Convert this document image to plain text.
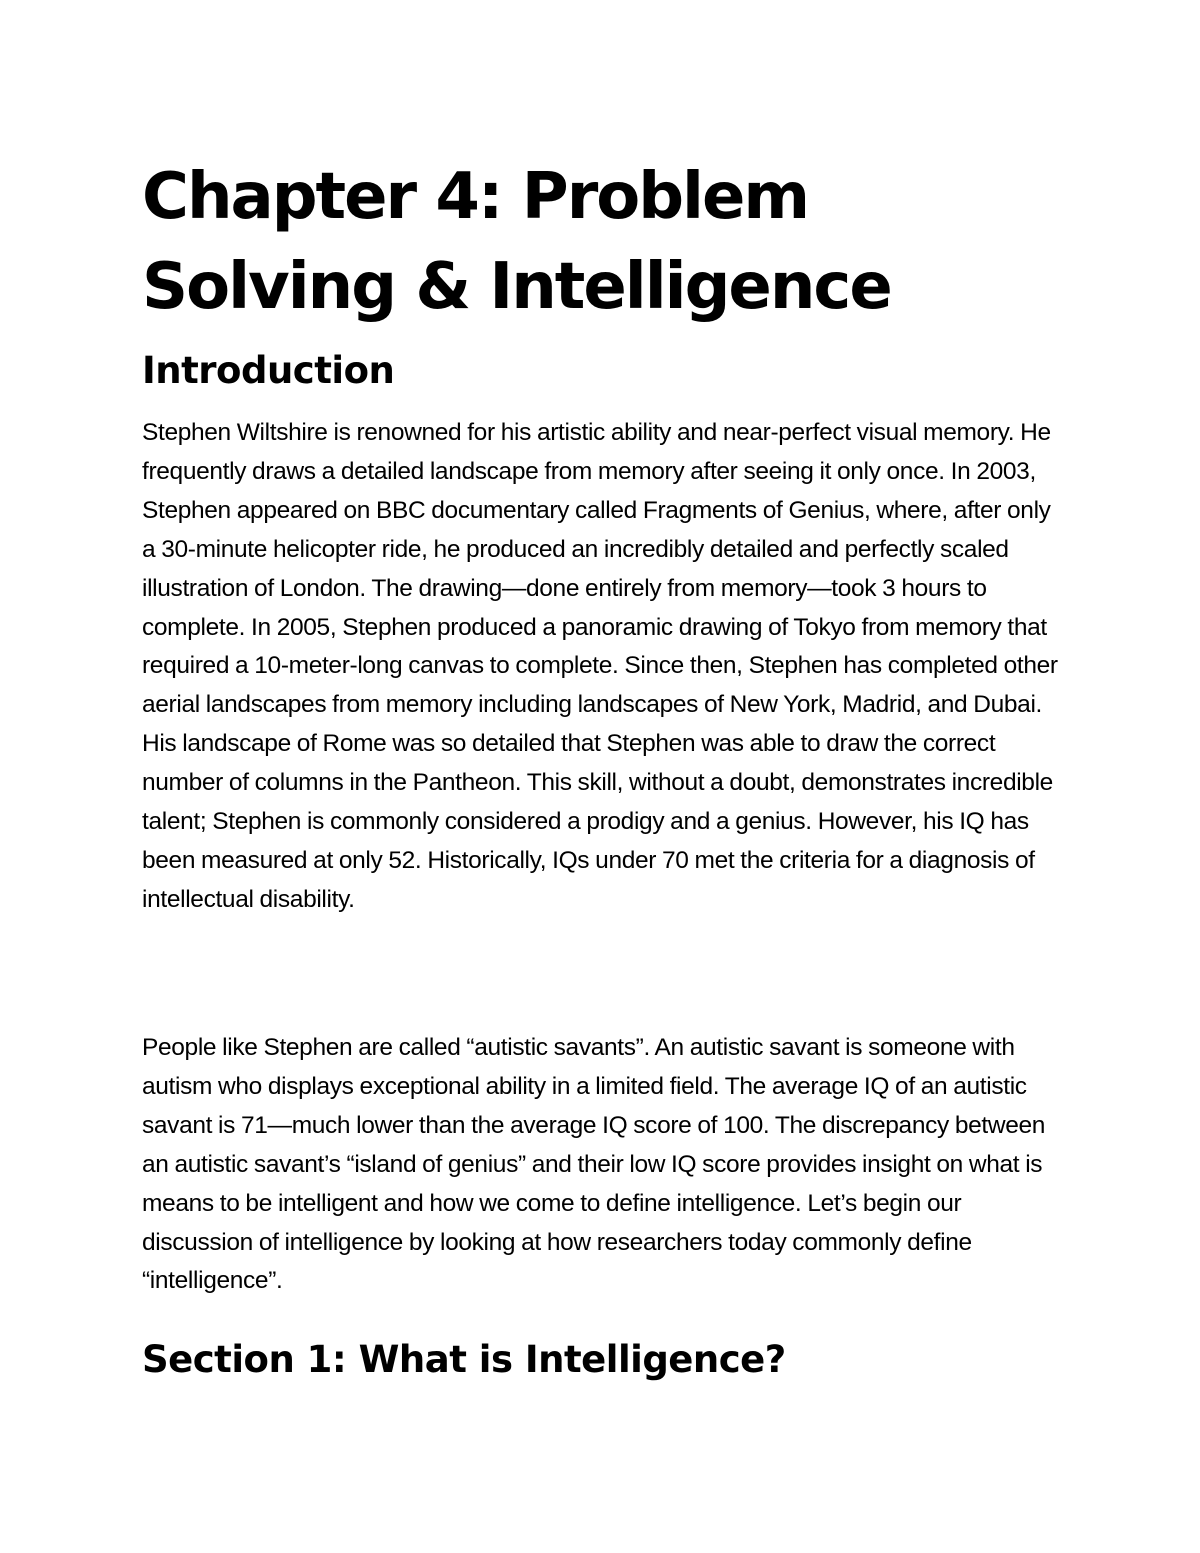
Chapter 4: Problem Solving & Intelligence
Introduction

Stephen Wiltshire is renowned for his artistic ability and near-perfect visual memory. He frequently draws a detailed landscape from memory after seeing it only once. In 2003, Stephen appeared on BBC documentary called Fragments of Genius, where, after only a 30-minute helicopter ride, he produced an incredibly detailed and perfectly scaled illustration of London. The drawing—done entirely from memory—took 3 hours to complete. In 2005, Stephen produced a panoramic drawing of Tokyo from memory that required a 10-meter-long canvas to complete. Since then, Stephen has completed other aerial landscapes from memory including landscapes of New York, Madrid, and Dubai. His landscape of Rome was so detailed that Stephen was able to draw the correct number of columns in the Pantheon. This skill, without a doubt, demonstrates incredible talent; Stephen is commonly considered a prodigy and a genius. However, his IQ has been measured at only 52. Historically, IQs under 70 met the criteria for a diagnosis of intellectual disability.

People like Stephen are called “autistic savants”. An autistic savant is someone with autism who displays exceptional ability in a limited field. The average IQ of an autistic savant is 71—much lower than the average IQ score of 100. The discrepancy between an autistic savant’s “island of genius” and their low IQ score provides insight on what is means to be intelligent and how we come to define intelligence. Let’s begin our discussion of intelligence by looking at how researchers today commonly define “intelligence”.

Section 1: What is Intelligence?
